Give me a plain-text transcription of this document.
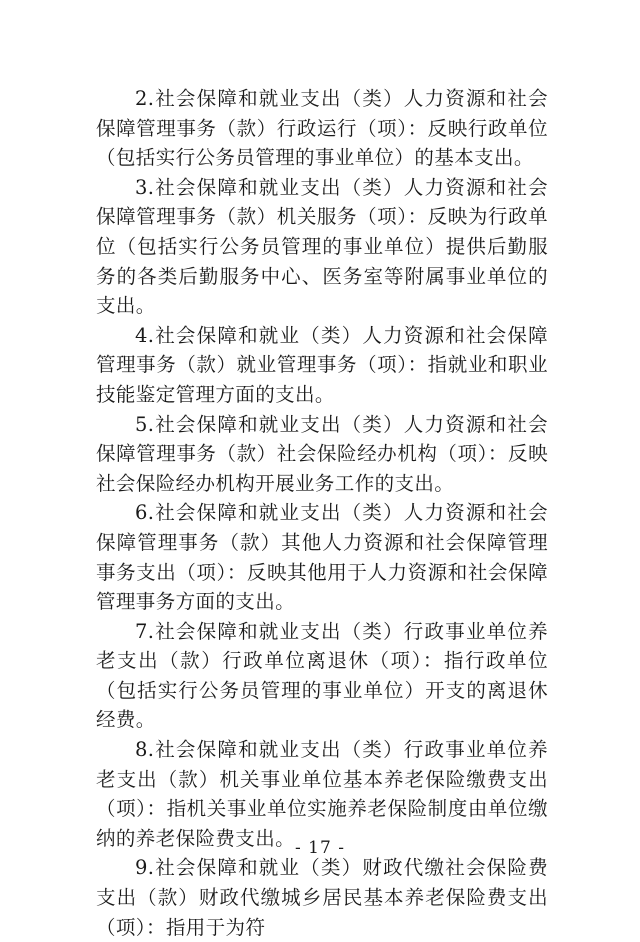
2.社会保障和就业支出（类）人力资源和社会保障管理事务（款）行政运行（项）：反映行政单位（包括实行公务员管理的事业单位）的基本支出。

3.社会保障和就业支出（类）人力资源和社会保障管理事务（款）机关服务（项）：反映为行政单位（包括实行公务员管理的事业单位）提供后勤服务的各类后勤服务中心、医务室等附属事业单位的支出。

4.社会保障和就业（类）人力资源和社会保障管理事务（款）就业管理事务（项）：指就业和职业技能鉴定管理方面的支出。

5.社会保障和就业支出（类）人力资源和社会保障管理事务（款）社会保险经办机构（项）：反映社会保险经办机构开展业务工作的支出。

6.社会保障和就业支出（类）人力资源和社会保障管理事务（款）其他人力资源和社会保障管理事务支出（项）：反映其他用于人力资源和社会保障管理事务方面的支出。

7.社会保障和就业支出（类）行政事业单位养老支出（款）行政单位离退休（项）：指行政单位（包括实行公务员管理的事业单位）开支的离退休经费。

8.社会保障和就业支出（类）行政事业单位养老支出（款）机关事业单位基本养老保险缴费支出（项）：指机关事业单位实施养老保险制度由单位缴纳的养老保险费支出。

9.社会保障和就业（类）财政代缴社会保险费支出（款）财政代缴城乡居民基本养老保险费支出（项）：指用于为符

- 17 -
